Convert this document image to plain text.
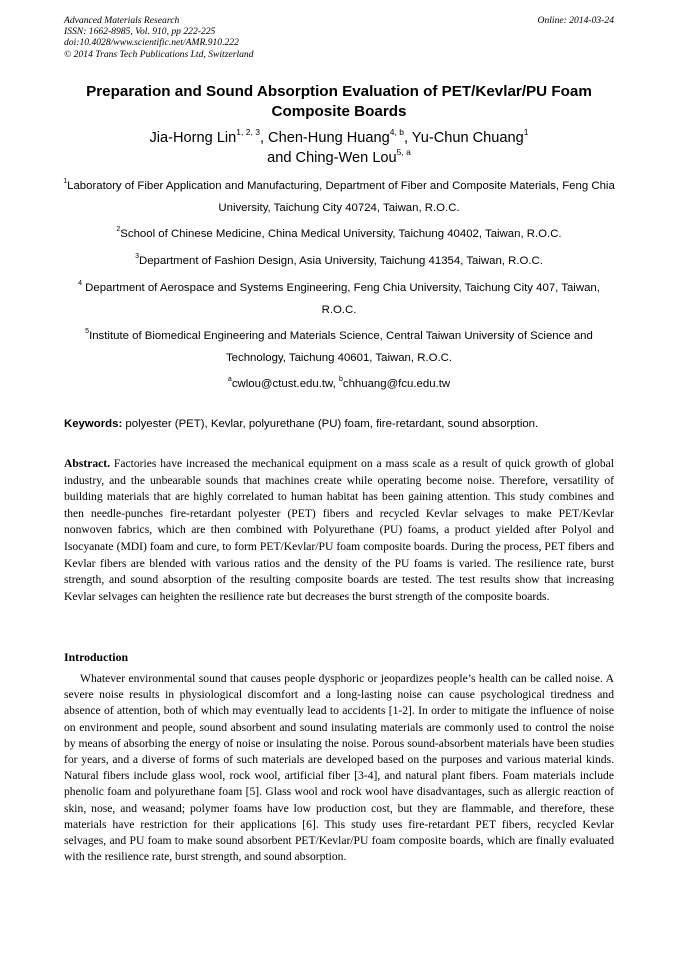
Advanced Materials Research
ISSN: 1662-8985, Vol. 910, pp 222-225
doi:10.4028/www.scientific.net/AMR.910.222
© 2014 Trans Tech Publications Ltd, Switzerland
Online: 2014-03-24
Preparation and Sound Absorption Evaluation of PET/Kevlar/PU Foam Composite Boards
Jia-Horng Lin$^{1, 2, 3}$, Chen-Hung Huang$^{4, b}$, Yu-Chun Chuang$^1$
and Ching-Wen Lou$^{5, a}$
$^1$Laboratory of Fiber Application and Manufacturing, Department of Fiber and Composite Materials, Feng Chia University, Taichung City 40724, Taiwan, R.O.C.
$^2$School of Chinese Medicine, China Medical University, Taichung 40402, Taiwan, R.O.C.
$^3$Department of Fashion Design, Asia University, Taichung 41354, Taiwan, R.O.C.
$^4$ Department of Aerospace and Systems Engineering, Feng Chia University, Taichung City 407, Taiwan, R.O.C.
$^5$Institute of Biomedical Engineering and Materials Science, Central Taiwan University of Science and Technology, Taichung 40601, Taiwan, R.O.C.
$^a$cwlou@ctust.edu.tw, $^b$chhuang@fcu.edu.tw
Keywords: polyester (PET), Kevlar, polyurethane (PU) foam, fire-retardant, sound absorption.
Abstract. Factories have increased the mechanical equipment on a mass scale as a result of quick growth of global industry, and the unbearable sounds that machines create while operating become noise. Therefore, versatility of building materials that are highly correlated to human habitat has been gaining attention. This study combines and then needle-punches fire-retardant polyester (PET) fibers and recycled Kevlar selvages to make PET/Kevlar nonwoven fabrics, which are then combined with Polyurethane (PU) foams, a product yielded after Polyol and Isocyanate (MDI) foam and cure, to form PET/Kevlar/PU foam composite boards. During the process, PET fibers and Kevlar fibers are blended with various ratios and the density of the PU foams is varied. The resilience rate, burst strength, and sound absorption of the resulting composite boards are tested. The test results show that increasing Kevlar selvages can heighten the resilience rate but decreases the burst strength of the composite boards.
Introduction
Whatever environmental sound that causes people dysphoric or jeopardizes people’s health can be called noise. A severe noise results in physiological discomfort and a long-lasting noise can cause psychological tiredness and absence of attention, both of which may eventually lead to accidents [1-2]. In order to mitigate the influence of noise on environment and people, sound absorbent and sound insulating materials are commonly used to control the noise by means of absorbing the energy of noise or insulating the noise. Porous sound-absorbent materials have been studies for years, and a diverse of forms of such materials are developed based on the purposes and various material kinds. Natural fibers include glass wool, rock wool, artificial fiber [3-4], and natural plant fibers. Foam materials include phenolic foam and polyurethane foam [5]. Glass wool and rock wool have disadvantages, such as allergic reaction of skin, nose, and weasand; polymer foams have low production cost, but they are flammable, and therefore, these materials have restriction for their applications [6]. This study uses fire-retardant PET fibers, recycled Kevlar selvages, and PU foam to make sound absorbent PET/Kevlar/PU foam composite boards, which are finally evaluated with the resilience rate, burst strength, and sound absorption.
